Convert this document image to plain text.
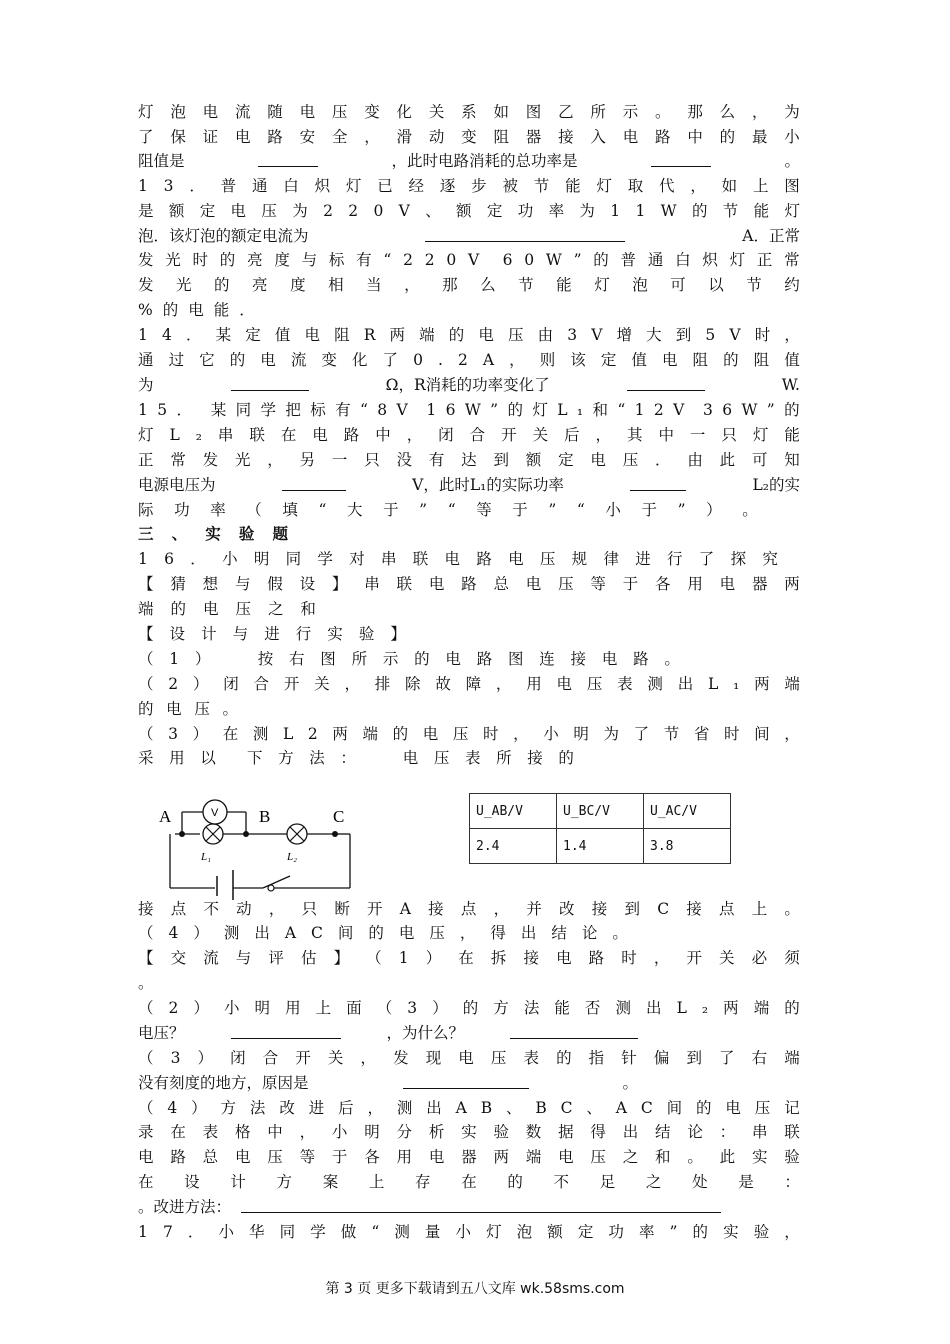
灯 泡 电 流 随 电 压 变 化 关 系 如 图 乙 所 示 。 那 么 ， 为
了 保 证 电 路 安 全 ， 滑 动 变 阻 器 接 入 电 路 中 的 最 小
阻值是	，此时电路消耗的总功率是	。
1 3 ． 普 通 白 炽 灯 已 经 逐 步 被 节 能 灯 取 代 ， 如 上 图
是 额 定 电 压 为 2 2 0 V 、 额 定 功 率 为 1 1 W 的 节 能 灯
泡．该灯泡的额定电流为	A．正常
发 光 时 的 亮 度 与 标 有 “ 2 2 0 V 6 0 W ” 的 普 通 白 炽 灯 正 常
发 光 的 亮 度 相 当 ， 那 么 节 能 灯 泡 可 以 节 约
% 的 电 能 ．
1 4 ． 某 定 值 电 阻 R 两 端 的 电 压 由 3 V 增 大 到 5 V 时 ，
通 过 它 的 电 流 变 化 了 0 . 2 A ， 则 该 定 值 电 阻 的 阻 值
为	Ω，R消耗的功率变化了	W.
1 5 ． 某 同 学 把 标 有 “ 8 V 1 6 W ” 的 灯 L ₁ 和 “ 1 2 V 3 6 W ” 的
灯 L ₂ 串 联 在 电 路 中 ， 闭 合 开 关 后 ， 其 中 一 只 灯 能
正 常 发 光 ， 另 一 只 没 有 达 到 额 定 电 压 ． 由 此 可 知
电源电压为	V，此时L₁的实际功率	L₂的实
际 功 率 （ 填 “ 大 于 ” “ 等 于 ” “ 小 于 ” ） 。
三 、 实 验 题
1 6 ． 小 明 同 学 对 串 联 电 路 电 压 规 律 进 行 了 探 究
【 猜 想 与 假 设 】 串 联 电 路 总 电 压 等 于 各 用 电 器 两
端 的 电 压 之 和
【 设 计 与 进 行 实 验 】
（ 1 ）	按 右 图 所 示 的 电 路 图 连 接 电 路 。
（ 2 ） 闭 合 开 关 ， 排 除 故 障 ， 用 电 压 表 测 出 L ₁ 两 端
的 电 压 。
（ 3 ） 在 测 L 2 两 端 的 电 压 时 ， 小 明 为 了 节 省 时 间 ，
采 用 以 下 方 法 ：	电 压 表 所 接 的
A	B	C
V
L₁	L₂
U_AB/V	U_BC/V	U_AC/V
2.4	1.4	3.8
接 点 不 动 ， 只 断 开 A 接 点 ， 并 改 接 到 C 接 点 上 。
（ 4 ） 测 出 A C 间 的 电 压 ， 得 出 结 论 。
【 交 流 与 评 估 】 （ 1 ） 在 拆 接 电 路 时 ， 开 关 必 须
。
（ 2 ） 小 明 用 上 面 （ 3 ） 的 方 法 能 否 测 出 L ₂ 两 端 的
电压？	，为什么？
（ 3 ） 闭 合 开 关 ， 发 现 电 压 表 的 指 针 偏 到 了 右 端
没有刻度的地方，原因是	。
（ 4 ） 方 法 改 进 后 ， 测 出 A B 、 B C 、 A C 间 的 电 压 记
录 在 表 格 中 ， 小 明 分 析 实 验 数 据 得 出 结 论 ： 串 联
电 路 总 电 压 等 于 各 用 电 器 两 端 电 压 之 和 。 此 实 验
在 设 计 方 案 上 存 在 的 不 足 之 处 是 ：
。改进方法：
1 7 ． 小 华 同 学 做 “ 测 量 小 灯 泡 额 定 功 率 ” 的 实 验 ，
第 3 页 更多下载请到五八文库 wk.58sms.com
